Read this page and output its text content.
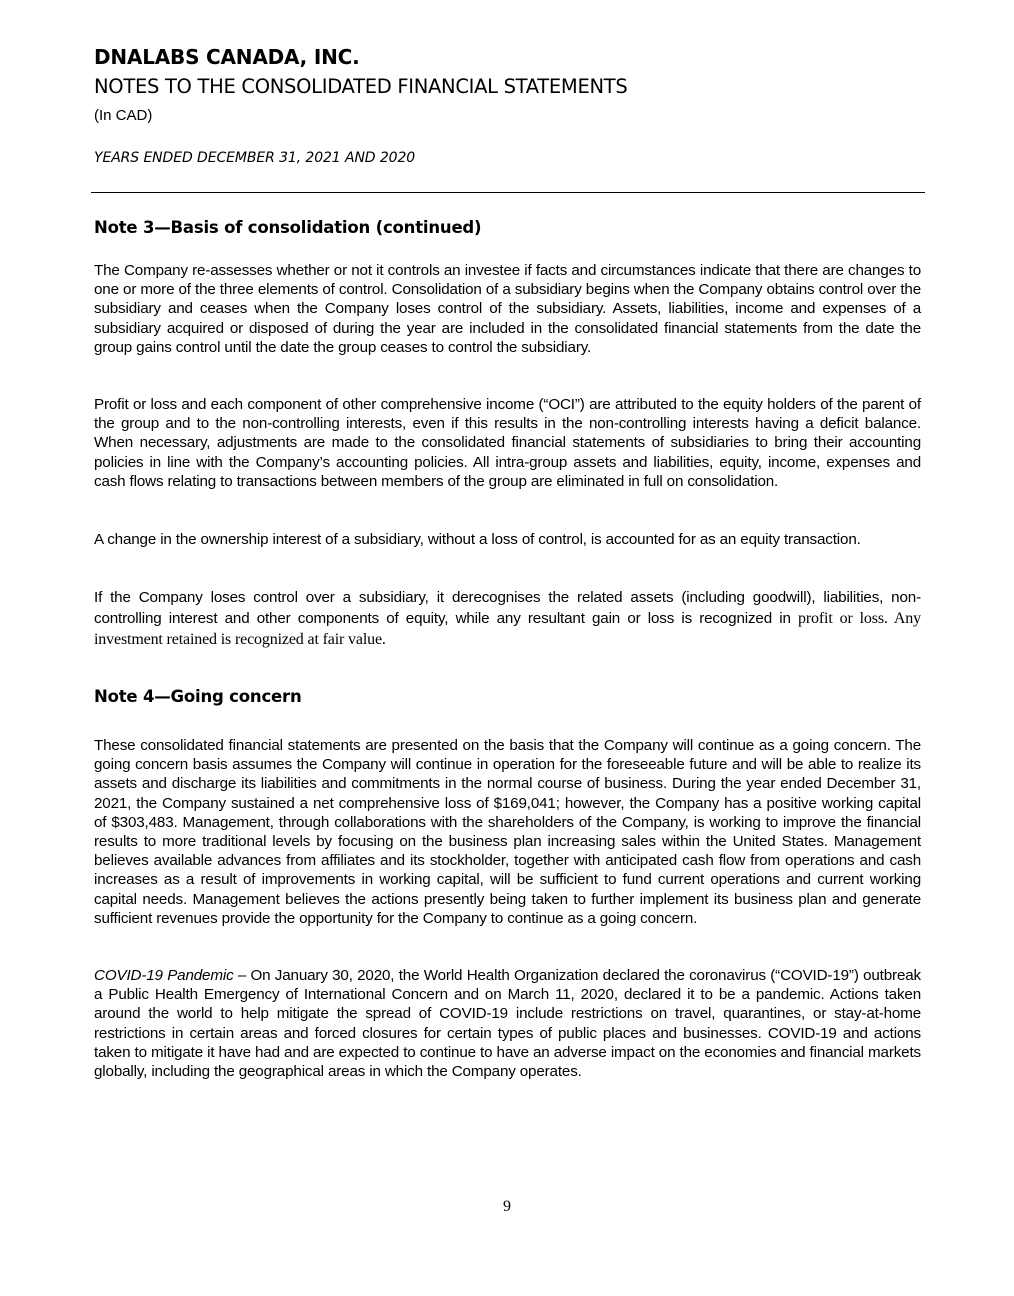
DNALABS CANADA, INC.
NOTES TO THE CONSOLIDATED FINANCIAL STATEMENTS
(In CAD)
YEARS ENDED DECEMBER 31, 2021 AND 2020
Note 3—Basis of consolidation (continued)

The Company re-assesses whether or not it controls an investee if facts and circumstances indicate that there are changes to one or more of the three elements of control. Consolidation of a subsidiary begins when the Company obtains control over the subsidiary and ceases when the Company loses control of the subsidiary. Assets, liabilities, income and expenses of a subsidiary acquired or disposed of during the year are included in the consolidated financial statements from the date the group gains control until the date the group ceases to control the subsidiary.

Profit or loss and each component of other comprehensive income (“OCI”) are attributed to the equity holders of the parent of the group and to the non-controlling interests, even if this results in the non-controlling interests having a deficit balance. When necessary, adjustments are made to the consolidated financial statements of subsidiaries to bring their accounting policies in line with the Company’s accounting policies. All intra-group assets and liabilities, equity, income, expenses and cash flows relating to transactions between members of the group are eliminated in full on consolidation.

A change in the ownership interest of a subsidiary, without a loss of control, is accounted for as an equity transaction.

If the Company loses control over a subsidiary, it derecognises the related assets (including goodwill), liabilities, non-controlling interest and other components of equity, while any resultant gain or loss is recognized in profit or loss. Any investment retained is recognized at fair value.

Note 4—Going concern

These consolidated financial statements are presented on the basis that the Company will continue as a going concern. The going concern basis assumes the Company will continue in operation for the foreseeable future and will be able to realize its assets and discharge its liabilities and commitments in the normal course of business. During the year ended December 31, 2021, the Company sustained a net comprehensive loss of $169,041; however, the Company has a positive working capital of $303,483. Management, through collaborations with the shareholders of the Company, is working to improve the financial results to more traditional levels by focusing on the business plan increasing sales within the United States. Management believes available advances from affiliates and its stockholder, together with anticipated cash flow from operations and cash increases as a result of improvements in working capital, will be sufficient to fund current operations and current working capital needs. Management believes the actions presently being taken to further implement its business plan and generate sufficient revenues provide the opportunity for the Company to continue as a going concern.

COVID-19 Pandemic – On January 30, 2020, the World Health Organization declared the coronavirus (“COVID-19”) outbreak a Public Health Emergency of International Concern and on March 11, 2020, declared it to be a pandemic. Actions taken around the world to help mitigate the spread of COVID-19 include restrictions on travel, quarantines, or stay-at-home restrictions in certain areas and forced closures for certain types of public places and businesses. COVID-19 and actions taken to mitigate it have had and are expected to continue to have an adverse impact on the economies and financial markets globally, including the geographical areas in which the Company operates.

9
